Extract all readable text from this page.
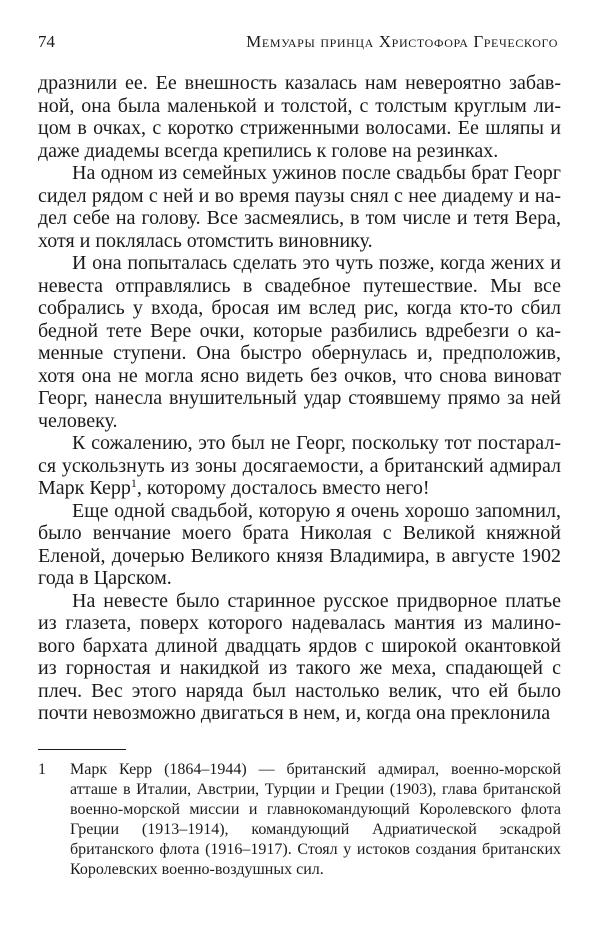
74	Мемуары принца Христофора Греческого

дразнили ее. Ее внешность казалась нам невероятно забавной, она была маленькой и толстой, с толстым круглым лицом в очках, с коротко стриженными волосами. Ее шляпы и даже диадемы всегда крепились к голове на резинках.

На одном из семейных ужинов после свадьбы брат Георг сидел рядом с ней и во время паузы снял с нее диадему и надел себе на голову. Все засмеялись, в том числе и тетя Вера, хотя и поклялась отомстить виновнику.

И она попыталась сделать это чуть позже, когда жених и невеста отправлялись в свадебное путешествие. Мы все собрались у входа, бросая им вслед рис, когда кто-то сбил бедной тете Вере очки, которые разбились вдребезги о каменные ступени. Она быстро обернулась и, предположив, хотя она не могла ясно видеть без очков, что снова виноват Георг, нанесла внушительный удар стоявшему прямо за ней человеку.

К сожалению, это был не Георг, поскольку тот постарался ускользнуть из зоны досягаемости, а британский адмирал Марк Керр$^1$, которому досталось вместо него!

Еще одной свадьбой, которую я очень хорошо запомнил, было венчание моего брата Николая с Великой княжной Еленой, дочерью Великого князя Владимира, в августе 1902 года в Царском.

На невесте было старинное русское придворное платье из глазета, поверх которого надевалась мантия из малинового бархата длиной двадцать ярдов с широкой окантовкой из горностая и накидкой из такого же меха, спадающей с плеч. Вес этого наряда был настолько велик, что ей было почти невозможно двигаться в нем, и, когда она преклонила

1	Марк Керр (1864–1944) — британский адмирал, военно-морской атташе в Италии, Австрии, Турции и Греции (1903), глава британской военно-морской миссии и главнокомандующий Королевского флота Греции (1913–1914), командующий Адриатической эскадрой британского флота (1916–1917). Стоял у истоков создания британских Королевских военно-воздушных сил.
